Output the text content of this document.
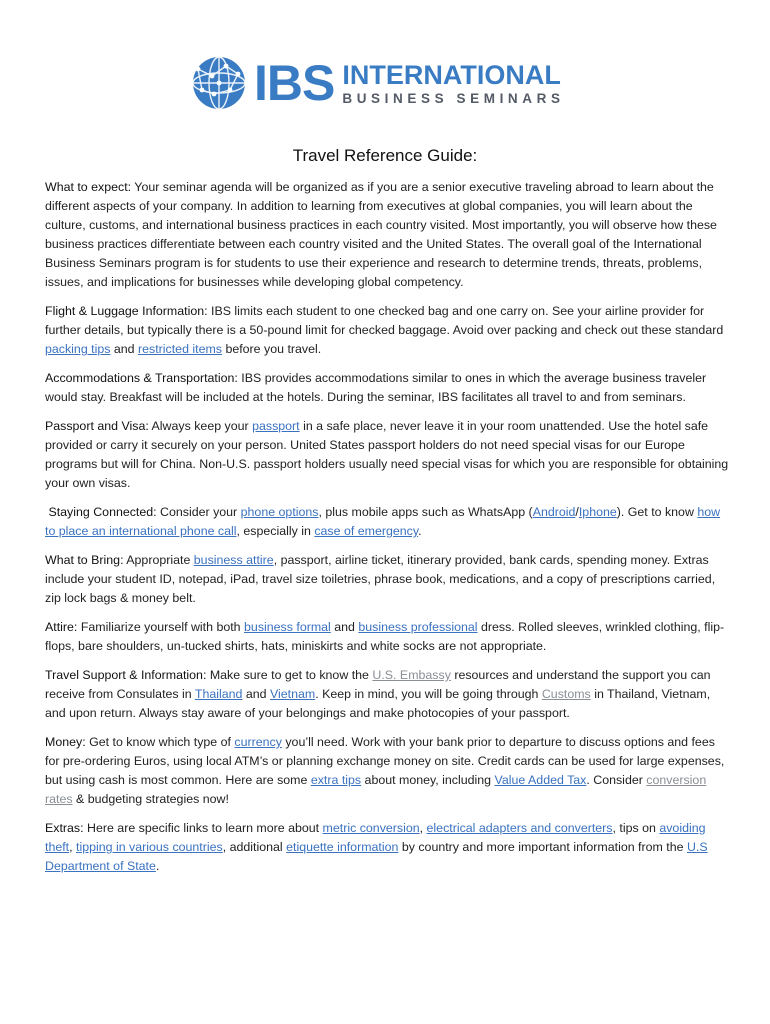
IBS INTERNATIONAL
BUSINESS SEMINARS
Travel Reference Guide:

What to expect: Your seminar agenda will be organized as if you are a senior executive traveling abroad to learn about the different aspects of your company. In addition to learning from executives at global companies, you will learn about the culture, customs, and international business practices in each country visited. Most importantly, you will observe how these business practices differentiate between each country visited and the United States. The overall goal of the International Business Seminars program is for students to use their experience and research to determine trends, threats, problems, issues, and implications for businesses while developing global competency.

Flight & Luggage Information: IBS limits each student to one checked bag and one carry on. See your airline provider for further details, but typically there is a 50-pound limit for checked baggage. Avoid over packing and check out these standard packing tips and restricted items before you travel.

Accommodations & Transportation: IBS provides accommodations similar to ones in which the average business traveler would stay. Breakfast will be included at the hotels. During the seminar, IBS facilitates all travel to and from seminars.

Passport and Visa: Always keep your passport in a safe place, never leave it in your room unattended. Use the hotel safe provided or carry it securely on your person. United States passport holders do not need special visas for our Europe programs but will for China. Non-U.S. passport holders usually need special visas for which you are responsible for obtaining your own visas.

Staying Connected: Consider your phone options, plus mobile apps such as WhatsApp (Android/Iphone). Get to know how to place an international phone call, especially in case of emergency.

What to Bring: Appropriate business attire, passport, airline ticket, itinerary provided, bank cards, spending money. Extras include your student ID, notepad, iPad, travel size toiletries, phrase book, medications, and a copy of prescriptions carried, zip lock bags & money belt.

Attire: Familiarize yourself with both business formal and business professional dress. Rolled sleeves, wrinkled clothing, flip-flops, bare shoulders, un-tucked shirts, hats, miniskirts and white socks are not appropriate.

Travel Support & Information: Make sure to get to know the U.S. Embassy resources and understand the support you can receive from Consulates in Thailand and Vietnam. Keep in mind, you will be going through Customs in Thailand, Vietnam, and upon return. Always stay aware of your belongings and make photocopies of your passport.

Money: Get to know which type of currency you’ll need. Work with your bank prior to departure to discuss options and fees for pre-ordering Euros, using local ATM’s or planning exchange money on site. Credit cards can be used for large expenses, but using cash is most common. Here are some extra tips about money, including Value Added Tax. Consider conversion rates & budgeting strategies now!

Extras: Here are specific links to learn more about metric conversion, electrical adapters and converters, tips on avoiding theft, tipping in various countries, additional etiquette information by country and more important information from the U.S Department of State.
